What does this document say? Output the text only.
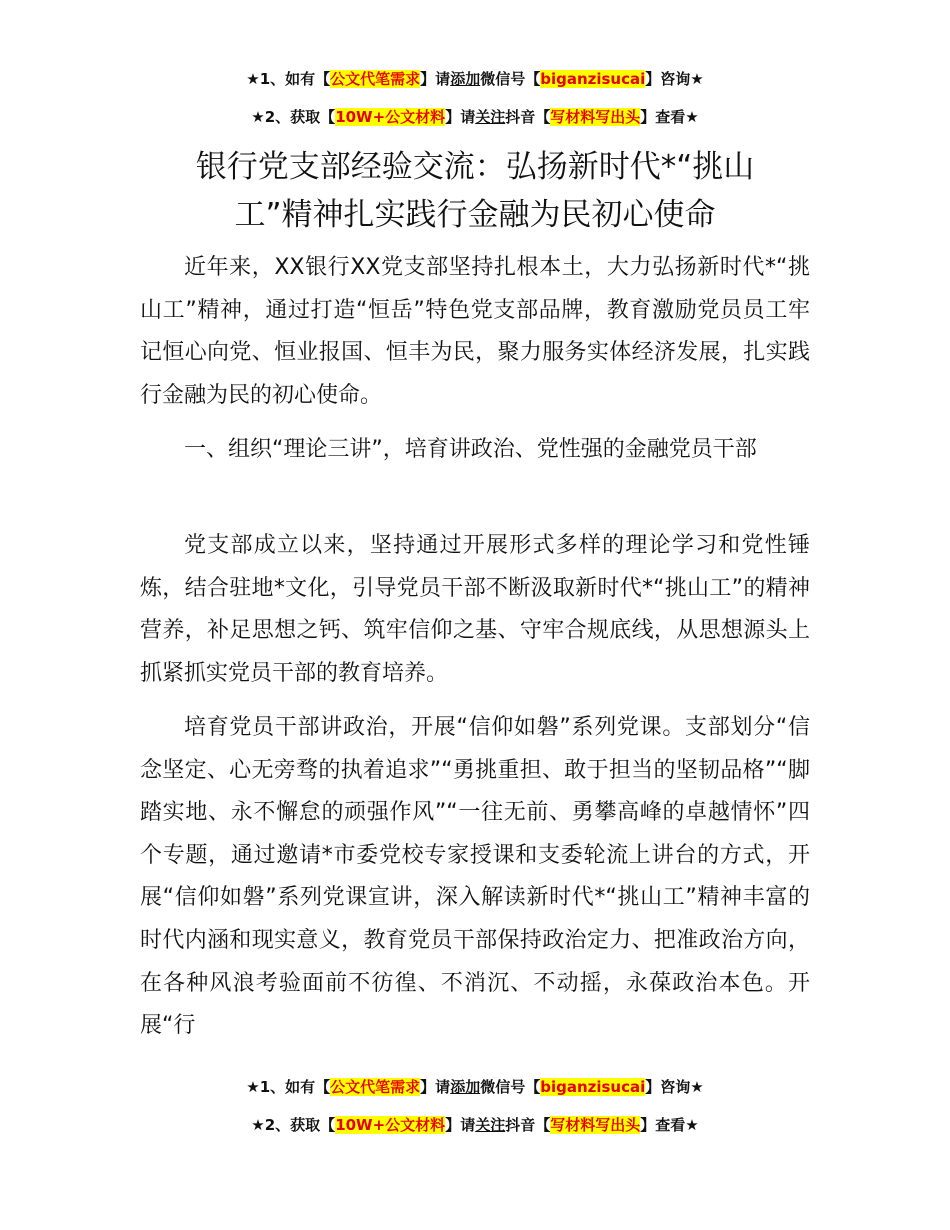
★1、如有【公文代笔需求】请添加微信号【biganzisucai】咨询★
★2、获取【10W+公文材料】请关注抖音【写材料写出头】查看★
银行党支部经验交流：弘扬新时代*“挑山
工”精神扎实践行金融为民初心使命

近年来，XX银行XX党支部坚持扎根本土，大力弘扬新时代*“挑山工”精神，通过打造“恒岳”特色党支部品牌，教育激励党员员工牢记恒心向党、恒业报国、恒丰为民，聚力服务实体经济发展，扎实践行金融为民的初心使命。

一、组织“理论三讲”，培育讲政治、党性强的金融党员干部

党支部成立以来，坚持通过开展形式多样的理论学习和党性锤炼，结合驻地*文化，引导党员干部不断汲取新时代*“挑山工”的精神营养，补足思想之钙、筑牢信仰之基、守牢合规底线，从思想源头上抓紧抓实党员干部的教育培养。

培育党员干部讲政治，开展“信仰如磐”系列党课。支部划分“信念坚定、心无旁骛的执着追求”“勇挑重担、敢于担当的坚韧品格”“脚踏实地、永不懈怠的顽强作风”“一往无前、勇攀高峰的卓越情怀”四个专题，通过邀请*市委党校专家授课和支委轮流上讲台的方式，开展“信仰如磐”系列党课宣讲，深入解读新时代*“挑山工”精神丰富的时代内涵和现实意义，教育党员干部保持政治定力、把准政治方向，在各种风浪考验面前不彷徨、不消沉、不动摇，永葆政治本色。开展“行

★1、如有【公文代笔需求】请添加微信号【biganzisucai】咨询★
★2、获取【10W+公文材料】请关注抖音【写材料写出头】查看★
